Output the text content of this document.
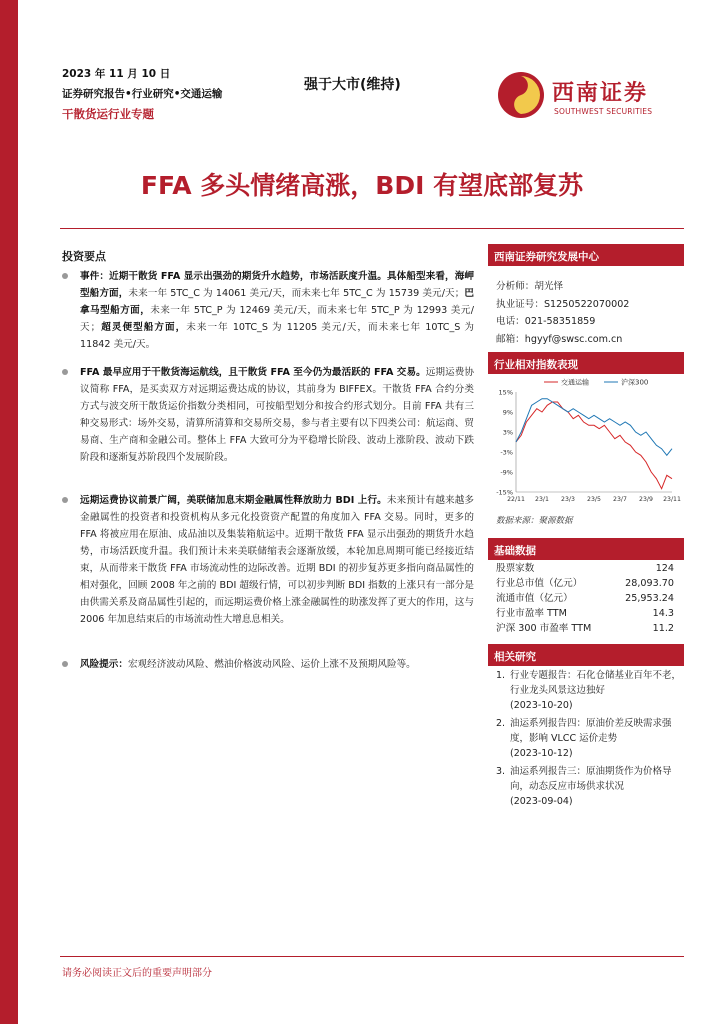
2023 年 11 月 10 日
证券研究报告•行业研究•交通运输
干散货运行业专题
强于大市(维持)	西南证券
SOUTHWEST SECURITIES
FFA 多头情绪高涨，BDI 有望底部复苏
投资要点
事件：近期干散货 FFA 显示出强劲的期货升水趋势，市场活跃度升温。具体船型来看，海岬型船方面，未来一年 5TC_C 为 14061 美元/天，而未来七年 5TC_C 为 15739 美元/天；巴拿马型船方面，未来一年 5TC_P 为 12469 美元/天，而未来七年 5TC_P 为 12993 美元/天；超灵便型船方面，未来一年 10TC_S 为 11205 美元/天，而未来七年 10TC_S 为 11842 美元/天。
FFA 最早应用于干散货海运航线，且干散货 FFA 至今仍为最活跃的 FFA 交易。远期运费协议简称 FFA，是买卖双方对远期运费达成的协议，其前身为 BIFFEX。干散货 FFA 合约分类方式与波交所干散货运价指数分类相同，可按船型划分和按合约形式划分。目前 FFA 共有三种交易形式：场外交易，清算所清算和交易所交易，参与者主要有以下四类公司：航运商、贸易商、生产商和金融公司。整体上 FFA 大致可分为平稳增长阶段、波动上涨阶段、波动下跌阶段和逐渐复苏阶段四个发展阶段。
远期运费协议前景广阔，美联储加息末期金融属性释放助力 BDI 上行。未来预计有越来越多金融属性的投资者和投资机构从多元化投资资产配置的角度加入 FFA 交易。同时，更多的 FFA 将被应用在原油、成品油以及集装箱航运中。近期干散货 FFA 显示出强劲的期货升水趋势，市场活跃度升温。我们预计未来美联储缩表会逐渐放缓，本轮加息周期可能已经接近结束，从而带来干散货 FFA 市场流动性的边际改善。近期 BDI 的初步复苏更多指向商品属性的相对强化，回顾 2008 年之前的 BDI 超级行情，可以初步判断 BDI 指数的上涨只有一部分是由供需关系及商品属性引起的，而远期运费价格上涨金融属性的助涨发挥了更大的作用，这与 2006 年加息结束后的市场流动性大增息息相关。
风险提示：宏观经济波动风险、燃油价格波动风险、运价上涨不及预期风险等。
西南证券研究发展中心
分析师：胡光怿
执业证号：S1250522070002
电话：021-58351859
邮箱：hgyyf@swsc.com.cn
行业相对指数表现
15%
9%
3%
-3%
-9%
-15%
22/11 23/1 23/3 23/5 23/7 23/9 23/11
交通运输	沪深300
数据来源：聚源数据
基础数据
股票家数	124
行业总市值（亿元）	28,093.70
流通市值（亿元）	25,953.24
行业市盈率 TTM	14.3
沪深 300 市盈率 TTM	11.2
相关研究
1. 行业专题报告：石化仓储基业百年不老，行业龙头风景这边独好
(2023-10-20)
2. 油运系列报告四：原油价差反映需求强度，影响 VLCC 运价走势
(2023-10-12)
3. 油运系列报告三：原油期货作为价格导向，动态反应市场供求状况
(2023-09-04)
请务必阅读正文后的重要声明部分
